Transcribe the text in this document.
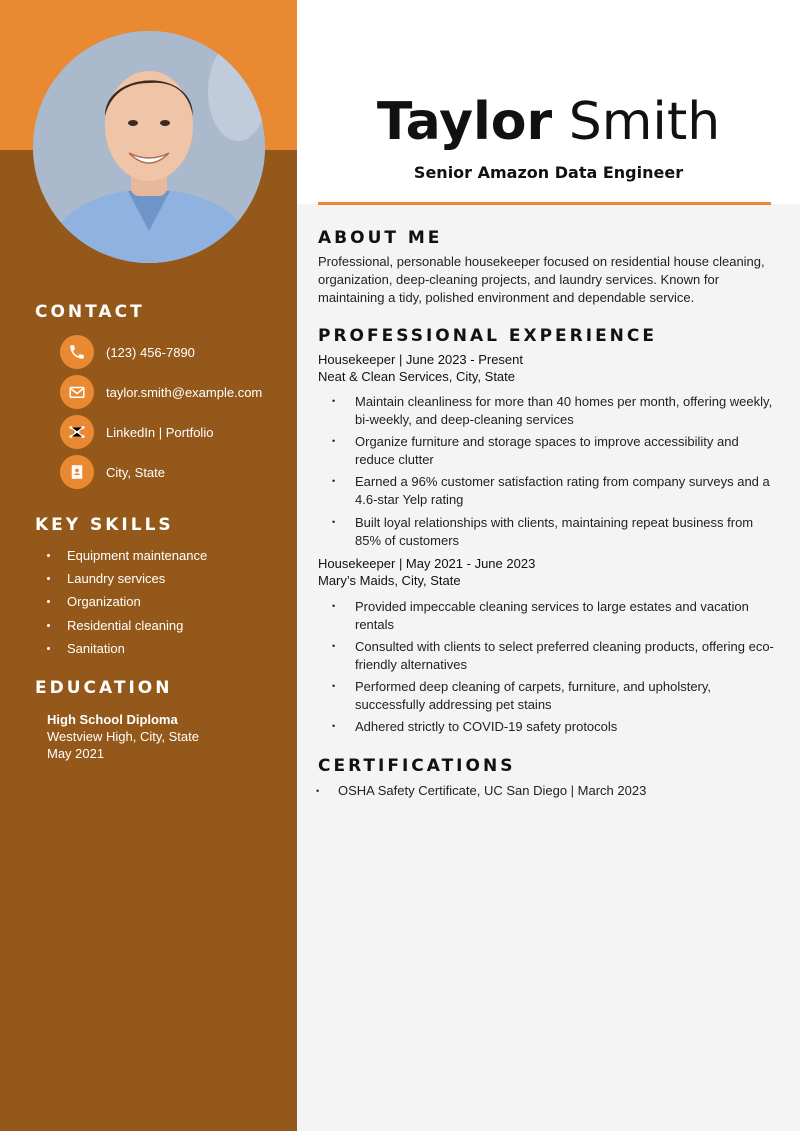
CONTACT
(123) 456-7890
taylor.smith@example.com
LinkedIn | Portfolio
City, State
KEY SKILLS
Equipment maintenance
Laundry services
Organization
Residential cleaning
Sanitation
EDUCATION
High School Diploma
Westview High, City, State
May 2021
Taylor Smith
Senior Amazon Data Engineer
ABOUT ME
Professional, personable housekeeper focused on residential house cleaning, organization, deep-cleaning projects, and laundry services. Known for maintaining a tidy, polished environment and dependable service.
PROFESSIONAL EXPERIENCE
Housekeeper | June 2023 - Present
Neat & Clean Services, City, State
•	Maintain cleanliness for more than 40 homes per month, offering weekly, bi-weekly, and deep-cleaning services
•	Organize furniture and storage spaces to improve accessibility and reduce clutter
•	Earned a 96% customer satisfaction rating from company surveys and a 4.6-star Yelp rating
•	Built loyal relationships with clients, maintaining repeat business from 85% of customers
Housekeeper | May 2021 - June 2023
Mary’s Maids, City, State
•	Provided impeccable cleaning services to large estates and vacation rentals
•	Consulted with clients to select preferred cleaning products, offering eco-friendly alternatives
•	Performed deep cleaning of carpets, furniture, and upholstery, successfully addressing pet stains
•	Adhered strictly to COVID-19 safety protocols
CERTIFICATIONS
•	OSHA Safety Certificate, UC San Diego | March 2023
